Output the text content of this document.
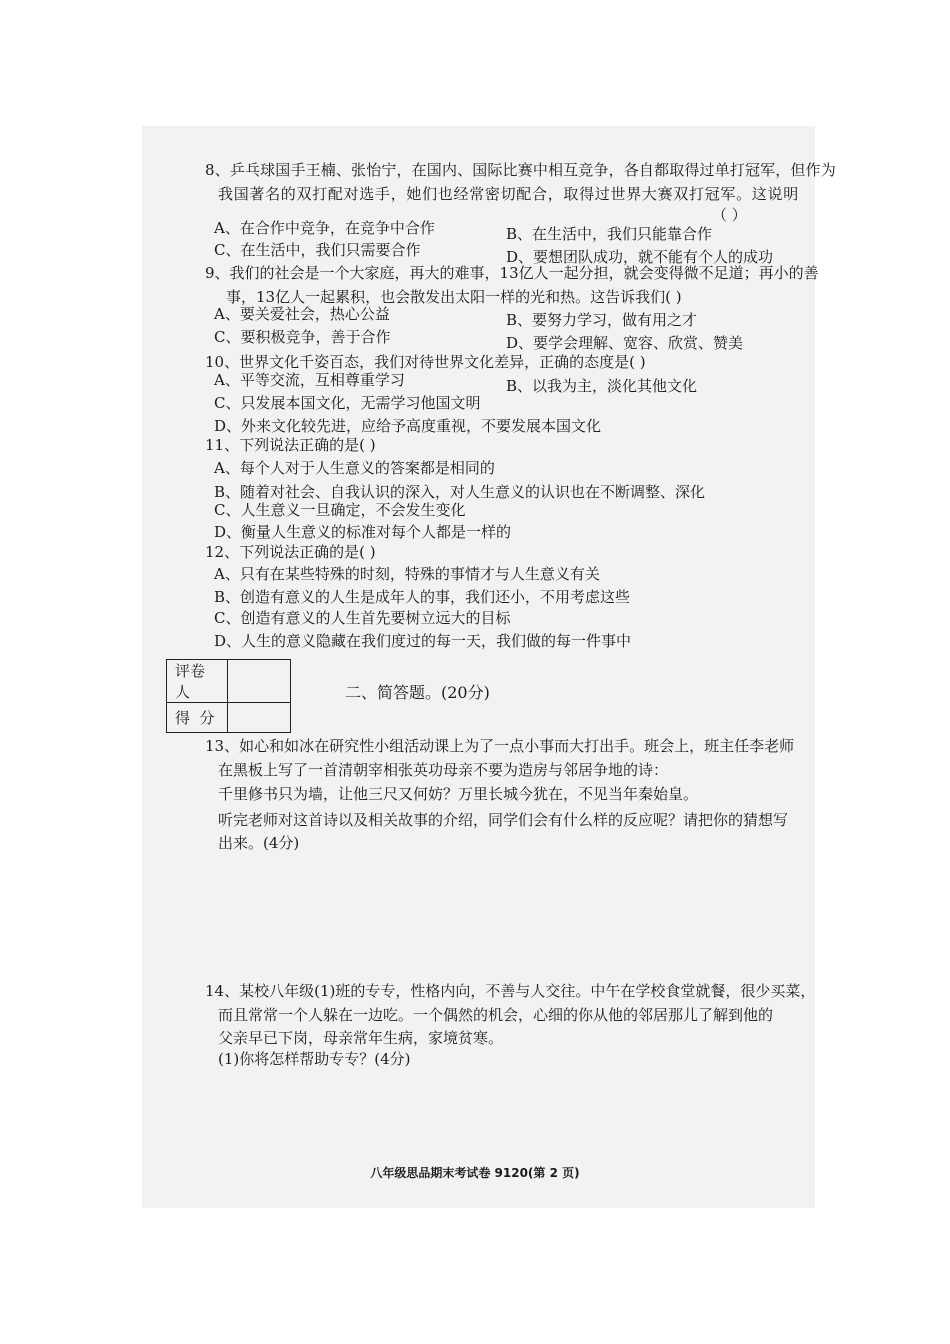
8、乒乓球国手王楠、张怡宁，在国内、国际比赛中相互竞争，各自都取得过单打冠军，但作为
我国著名的双打配对选手，她们也经常密切配合，取得过世界大赛双打冠军。这说明
（ ）
A、在合作中竞争，在竞争中合作	B、在生活中，我们只能靠合作
C、在生活中，我们只需要合作	D、要想团队成功，就不能有个人的成功
9、我们的社会是一个大家庭，再大的难事，13亿人一起分担，就会变得微不足道；再小的善
事，13亿人一起累积，也会散发出太阳一样的光和热。这告诉我们( )
A、要关爱社会，热心公益	B、要努力学习，做有用之才
C、要积极竞争，善于合作	D、要学会理解、宽容、欣赏、赞美
10、世界文化千姿百态，我们对待世界文化差异，正确的态度是( )
A、平等交流，互相尊重学习	B、以我为主，淡化其他文化
C、只发展本国文化，无需学习他国文明
D、外来文化较先进，应给予高度重视，不要发展本国文化
11、下列说法正确的是( )
A、每个人对于人生意义的答案都是相同的
B、随着对社会、自我认识的深入，对人生意义的认识也在不断调整、深化
C、人生意义一旦确定，不会发生变化
D、衡量人生意义的标准对每个人都是一样的
12、下列说法正确的是( )
A、只有在某些特殊的时刻，特殊的事情才与人生意义有关
B、创造有意义的人生是成年人的事，我们还小，不用考虑这些
C、创造有意义的人生首先要树立远大的目标
D、人生的意义隐藏在我们度过的每一天，我们做的每一件事中
评卷人	
得  分	
二、简答题。(20分)
13、如心和如冰在研究性小组活动课上为了一点小事而大打出手。班会上，班主任李老师
在黑板上写了一首清朝宰相张英功母亲不要为造房与邻居争地的诗：
千里修书只为墙，让他三尺又何妨？万里长城今犹在，不见当年秦始皇。
听完老师对这首诗以及相关故事的介绍，同学们会有什么样的反应呢？请把你的猜想写
出来。(4分)
14、某校八年级(1)班的专专，性格内向，不善与人交往。中午在学校食堂就餐，很少买菜，
而且常常一个人躲在一边吃。一个偶然的机会，心细的你从他的邻居那儿了解到他的
父亲早已下岗，母亲常年生病，家境贫寒。
(1)你将怎样帮助专专？(4分)
八年级思品期末考试卷 9120(第 2 页)
